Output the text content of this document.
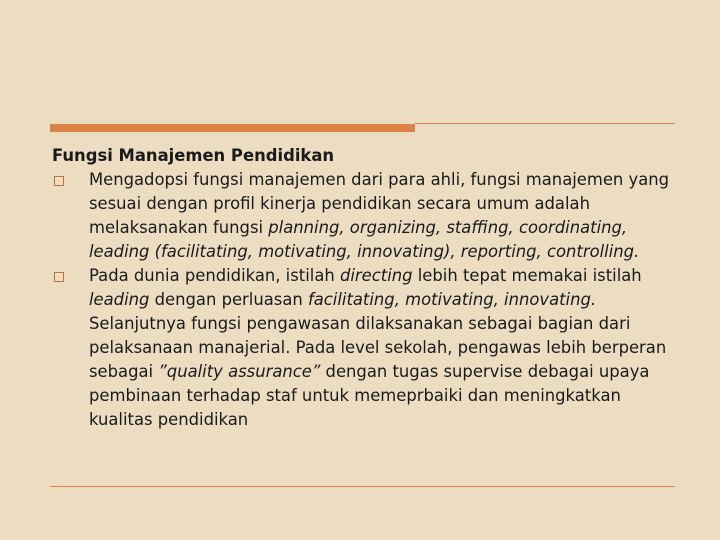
Fungsi Manajemen Pendidikan

Mengadopsi fungsi manajemen dari para ahli, fungsi manajemen yang sesuai dengan profil kinerja pendidikan secara umum adalah melaksanakan fungsi planning, organizing, staffing, coordinating, leading (facilitating, motivating, innovating), reporting, controlling.

Pada dunia pendidikan, istilah directing lebih tepat memakai istilah leading dengan perluasan facilitating, motivating, innovating. Selanjutnya fungsi pengawasan dilaksanakan sebagai bagian dari pelaksanaan manajerial. Pada level sekolah, pengawas lebih berperan sebagai ”quality assurance” dengan tugas supervise debagai upaya pembinaan terhadap staf untuk memeprbaiki dan meningkatkan kualitas pendidikan
